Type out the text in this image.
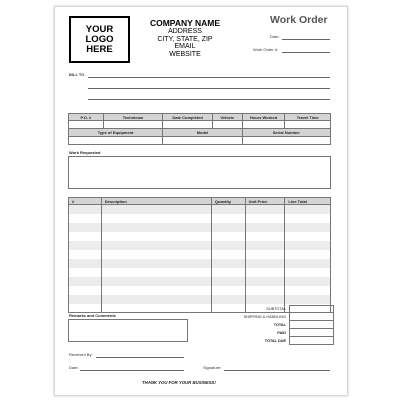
YOUR
LOGO
HERE
COMPANY NAME
ADDRESS
CITY, STATE, ZIP
EMAIL
WEBSITE
Work Order
Date:
Work Order #:
BILL TO
P.O. #	Technician	Date Completed	Vehicle	Hours Worked	Travel Time
Type of Equipment	Model	Serial Number
Work Requested
#	Description	Quantity	Unit Price	Line Total
SUBTOTAL
SHIPPING & HANDLING
TOTAL
PAID
TOTAL DUE
Remarks and Comments
Received By:
Date:	Signature:
THANK YOU FOR YOUR BUSINESS!
